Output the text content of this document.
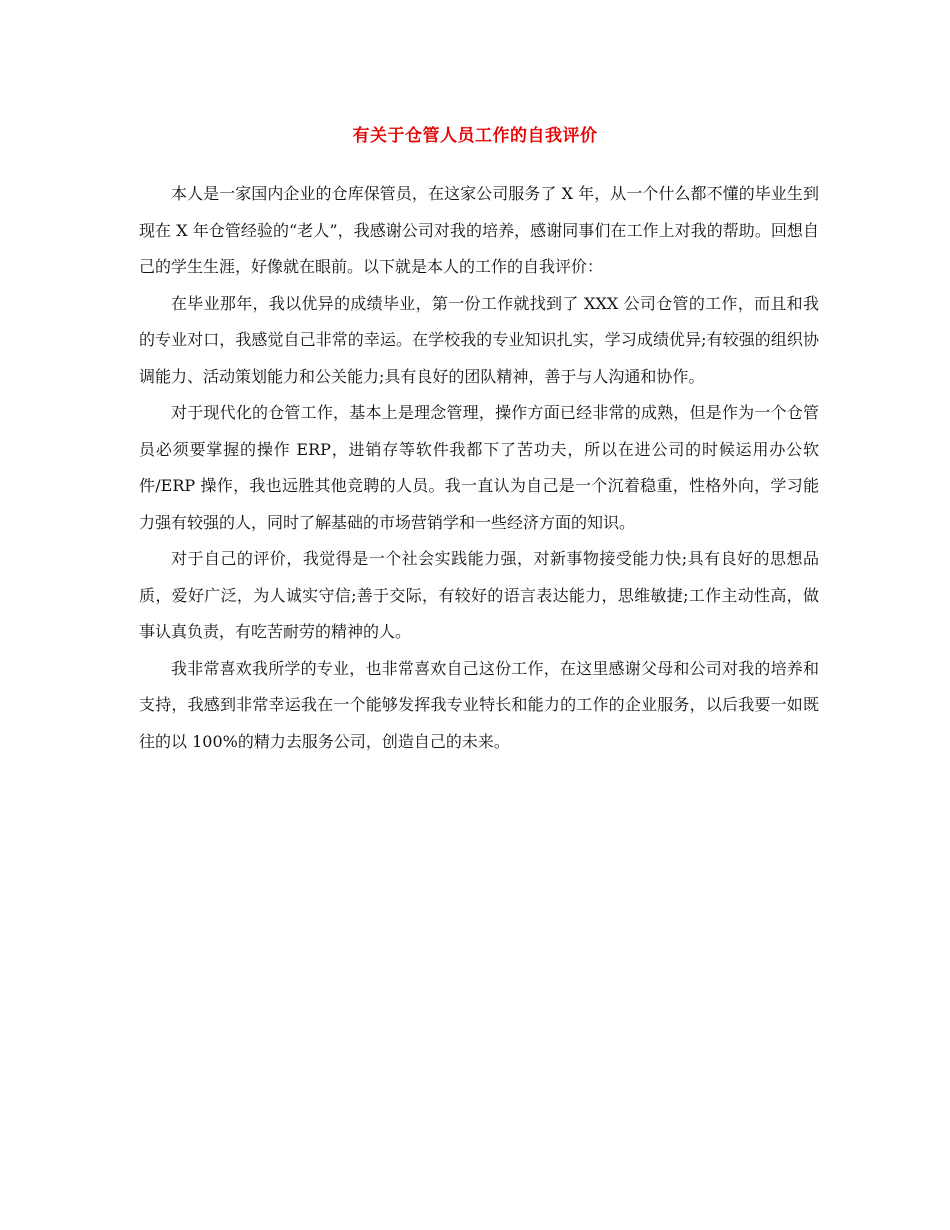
有关于仓管人员工作的自我评价

本人是一家国内企业的仓库保管员，在这家公司服务了 X 年，从一个什么都不懂的毕业生到现在 X 年仓管经验的“老人”，我感谢公司对我的培养，感谢同事们在工作上对我的帮助。回想自己的学生生涯，好像就在眼前。以下就是本人的工作的自我评价：

在毕业那年，我以优异的成绩毕业，第一份工作就找到了 XXX 公司仓管的工作，而且和我的专业对口，我感觉自己非常的幸运。在学校我的专业知识扎实，学习成绩优异;有较强的组织协调能力、活动策划能力和公关能力;具有良好的团队精神，善于与人沟通和协作。

对于现代化的仓管工作，基本上是理念管理，操作方面已经非常的成熟，但是作为一个仓管员必须要掌握的操作 ERP，进销存等软件我都下了苦功夫，所以在进公司的时候运用办公软件/ERP 操作，我也远胜其他竞聘的人员。我一直认为自己是一个沉着稳重，性格外向，学习能力强有较强的人，同时了解基础的市场营销学和一些经济方面的知识。

对于自己的评价，我觉得是一个社会实践能力强，对新事物接受能力快;具有良好的思想品质，爱好广泛，为人诚实守信;善于交际，有较好的语言表达能力，思维敏捷;工作主动性高，做事认真负责，有吃苦耐劳的精神的人。

我非常喜欢我所学的专业，也非常喜欢自己这份工作，在这里感谢父母和公司对我的培养和支持，我感到非常幸运我在一个能够发挥我专业特长和能力的工作的企业服务，以后我要一如既往的以 100%的精力去服务公司，创造自己的未来。
